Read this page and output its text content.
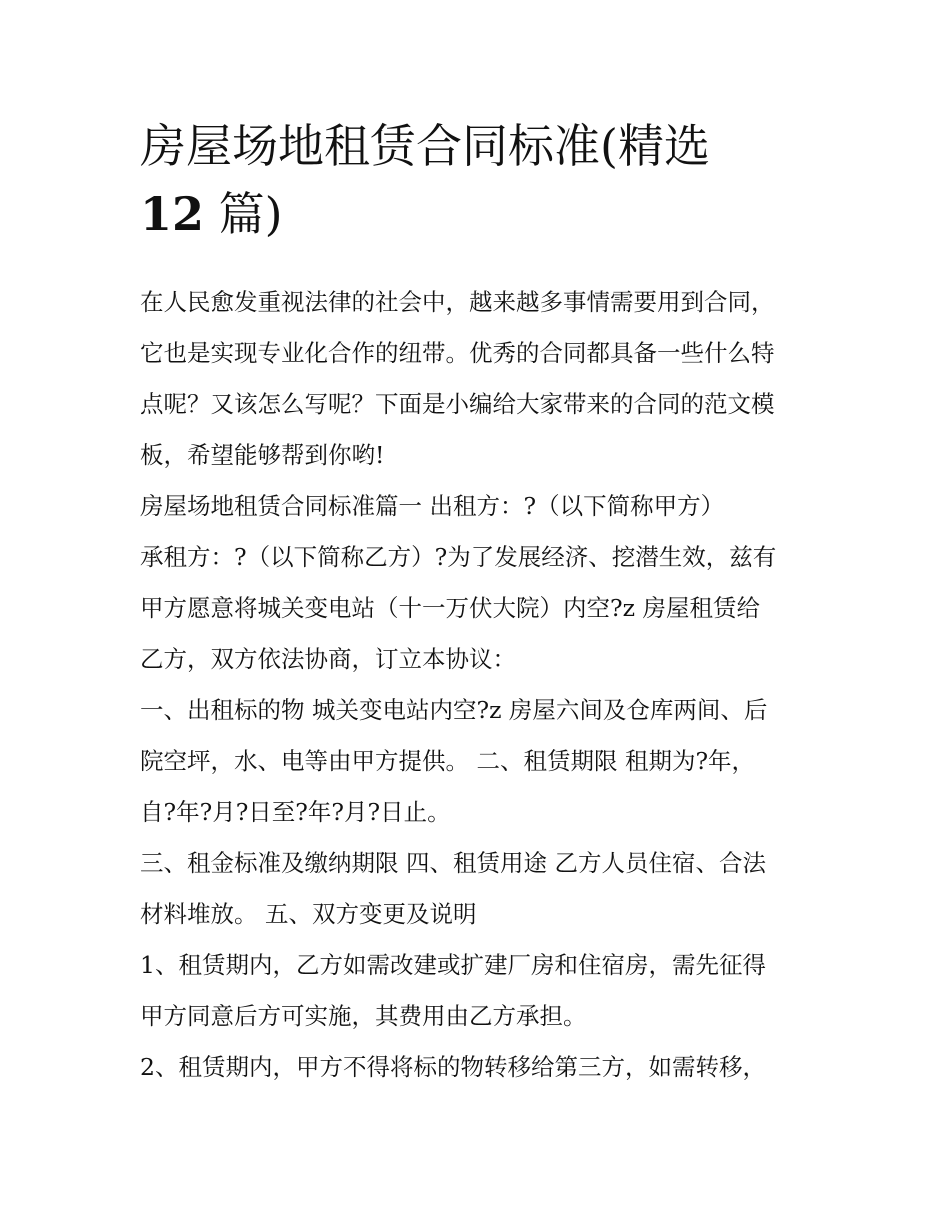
房屋场地租赁合同标准(精选
12 篇)
在人民愈发重视法律的社会中，越来越多事情需要用到合同，
它也是实现专业化合作的纽带。优秀的合同都具备一些什么特
点呢？又该怎么写呢？下面是小编给大家带来的合同的范文模
板，希望能够帮到你哟!
房屋场地租赁合同标准篇一 出租方：?（以下简称甲方）
承租方：?（以下简称乙方）?为了发展经济、挖潜生效，兹有
甲方愿意将城关变电站（十一万伏大院）内空?z 房屋租赁给
乙方，双方依法协商，订立本协议：
一、出租标的物 城关变电站内空?z 房屋六间及仓库两间、后
院空坪，水、电等由甲方提供。 二、租赁期限 租期为?年，
自?年?月?日至?年?月?日止。
三、租金标准及缴纳期限 四、租赁用途 乙方人员住宿、合法
材料堆放。 五、双方变更及说明
1、租赁期内，乙方如需改建或扩建厂房和住宿房，需先征得
甲方同意后方可实施，其费用由乙方承担。
2、租赁期内，甲方不得将标的物转移给第三方，如需转移，
